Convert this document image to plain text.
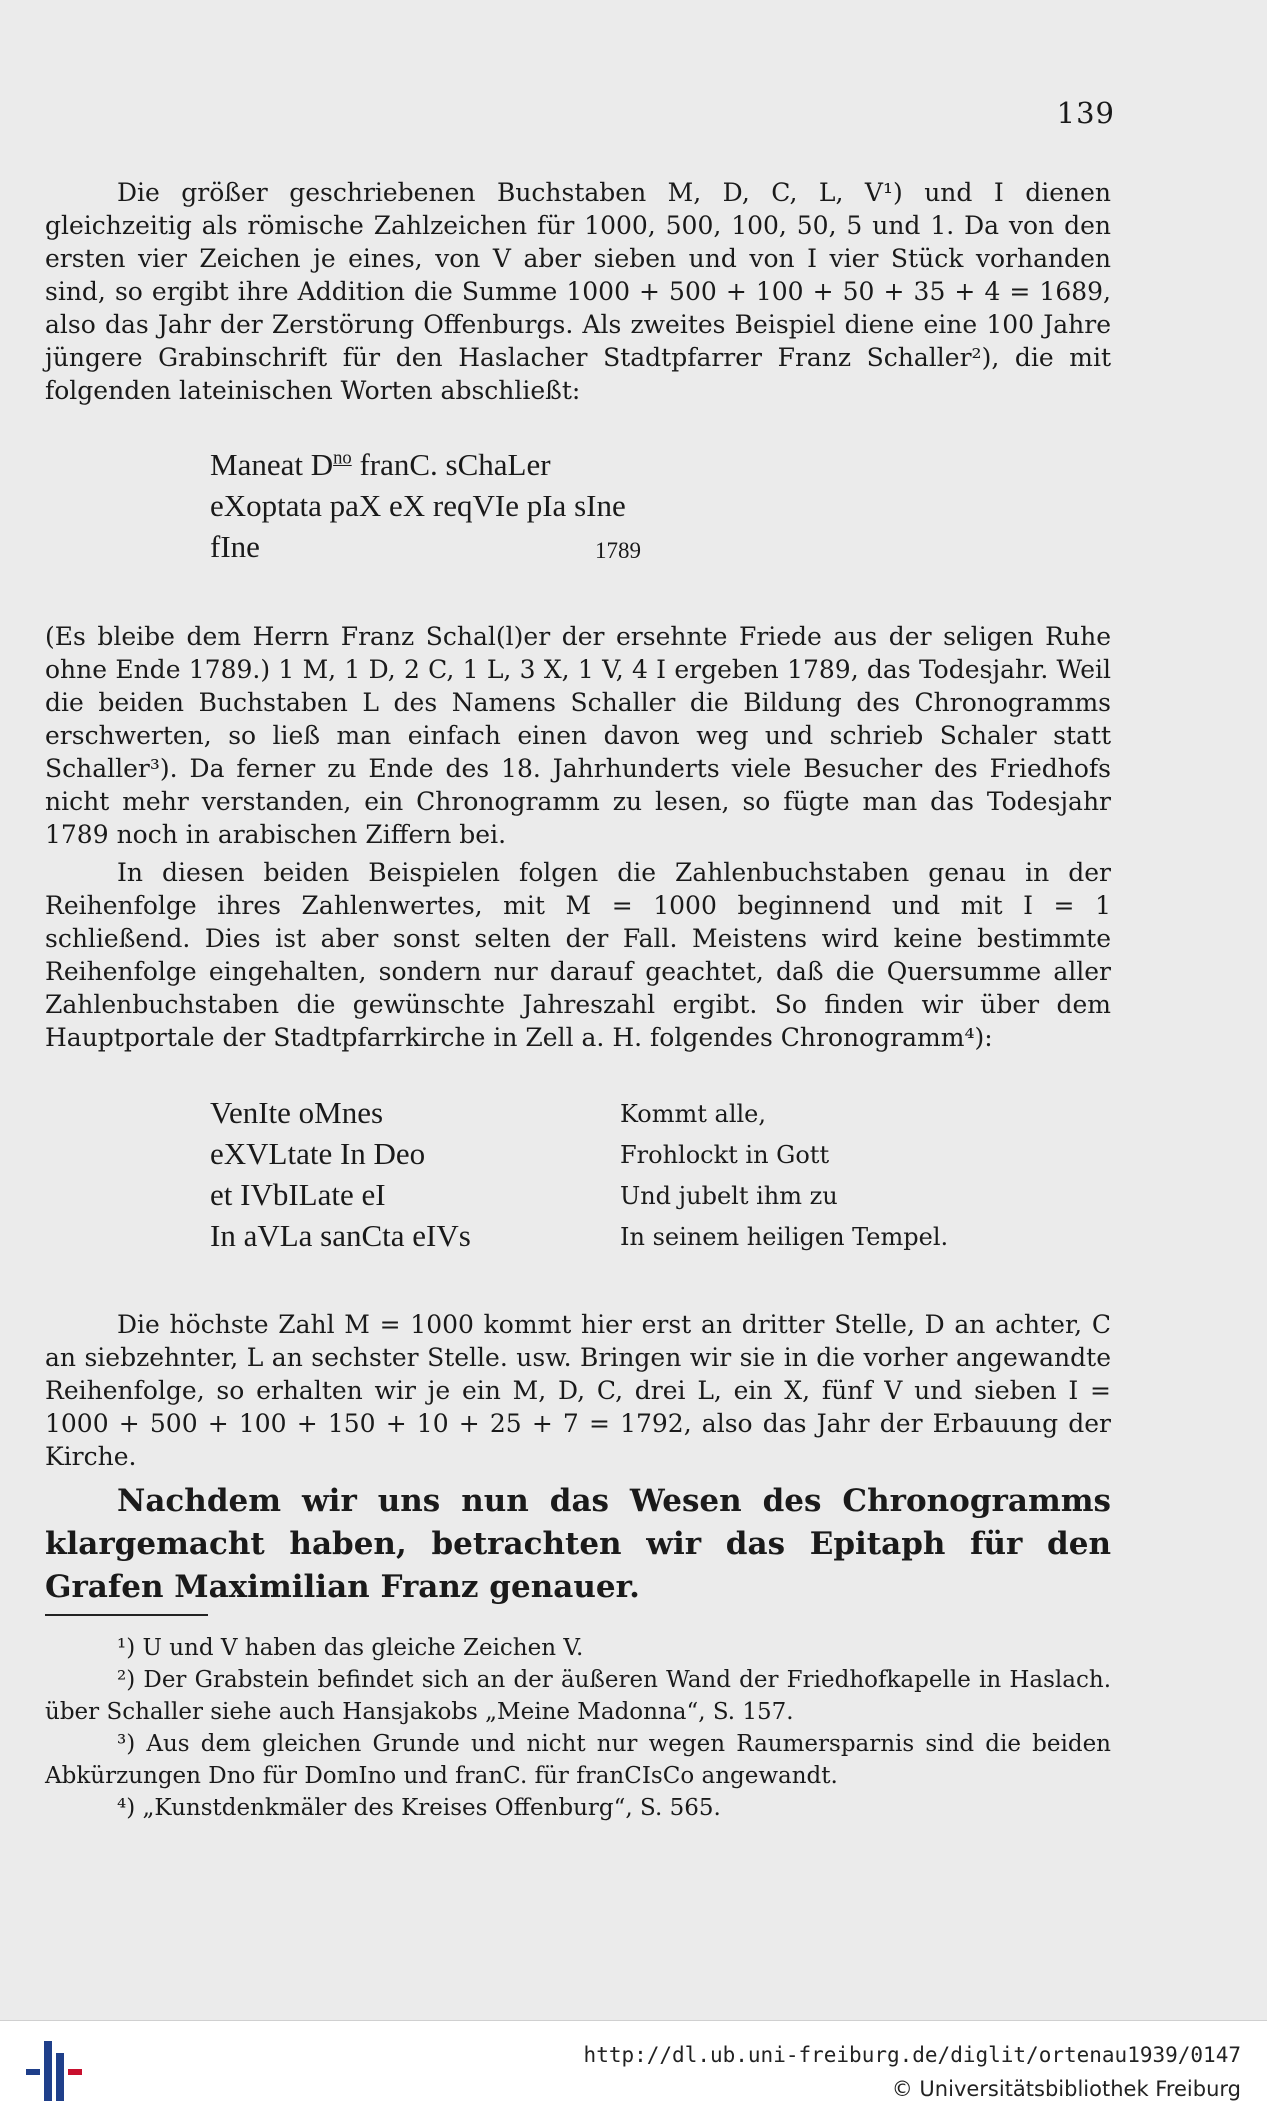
139

Die größer geschriebenen Buchstaben M, D, C, L, V¹) und I dienen gleichzeitig als römische Zahlzeichen für 1000, 500, 100, 50, 5 und 1. Da von den ersten vier Zeichen je eines, von V aber sieben und von I vier Stück vorhanden sind, so ergibt ihre Addition die Summe 1000 + 500 + 100 + 50 + 35 + 4 = 1689, also das Jahr der Zerstörung Offenburgs. Als zweites Beispiel diene eine 100 Jahre jüngere Grabinschrift für den Haslacher Stadtpfarrer Franz Schaller²), die mit folgenden lateinischen Worten abschließt:

Maneat $D^{no}$ franC. sChaLer
eXoptata paX eX reqVIe pIa sIne
fIne	1789

(Es bleibe dem Herrn Franz Schal(l)er der ersehnte Friede aus der seligen Ruhe ohne Ende 1789.) 1 M, 1 D, 2 C, 1 L, 3 X, 1 V, 4 I ergeben 1789, das Todesjahr. Weil die beiden Buchstaben L des Namens Schaller die Bildung des Chronogramms erschwerten, so ließ man einfach einen davon weg und schrieb Schaler statt Schaller³). Da ferner zu Ende des 18. Jahrhunderts viele Besucher des Friedhofs nicht mehr verstanden, ein Chronogramm zu lesen, so fügte man das Todesjahr 1789 noch in arabischen Ziffern bei.

In diesen beiden Beispielen folgen die Zahlenbuchstaben genau in der Reihenfolge ihres Zahlenwertes, mit M = 1000 beginnend und mit I = 1 schließend. Dies ist aber sonst selten der Fall. Meistens wird keine bestimmte Reihenfolge eingehalten, sondern nur darauf geachtet, daß die Quersumme aller Zahlenbuchstaben die gewünschte Jahreszahl ergibt. So finden wir über dem Hauptportale der Stadtpfarrkirche in Zell a. H. folgendes Chronogramm⁴):

VenIte oMnes	Kommt alle,
eXVLtate In Deo	Frohlockt in Gott
et IVbILate eI	Und jubelt ihm zu
In aVLa sanCta eIVs	In seinem heiligen Tempel.

Die höchste Zahl M = 1000 kommt hier erst an dritter Stelle, D an achter, C an siebzehnter, L an sechster Stelle. usw. Bringen wir sie in die vorher angewandte Reihenfolge, so erhalten wir je ein M, D, C, drei L, ein X, fünf V und sieben I = 1000 + 500 + 100 + 150 + 10 + 25 + 7 = 1792, also das Jahr der Erbauung der Kirche.

Nachdem wir uns nun das Wesen des Chronogramms klargemacht haben, betrachten wir das Epitaph für den Grafen Maximilian Franz genauer.

¹) U und V haben das gleiche Zeichen V.

²) Der Grabstein befindet sich an der äußeren Wand der Friedhofkapelle in Haslach. über Schaller siehe auch Hansjakobs „Meine Madonna“, S. 157.

³) Aus dem gleichen Grunde und nicht nur wegen Raumersparnis sind die beiden Abkürzungen Dno für DomIno und franC. für franCIsCo angewandt.

⁴) „Kunstdenkmäler des Kreises Offenburg“, S. 565.

http://dl.ub.uni-freiburg.de/diglit/ortenau1939/0147
© Universitätsbibliothek Freiburg
